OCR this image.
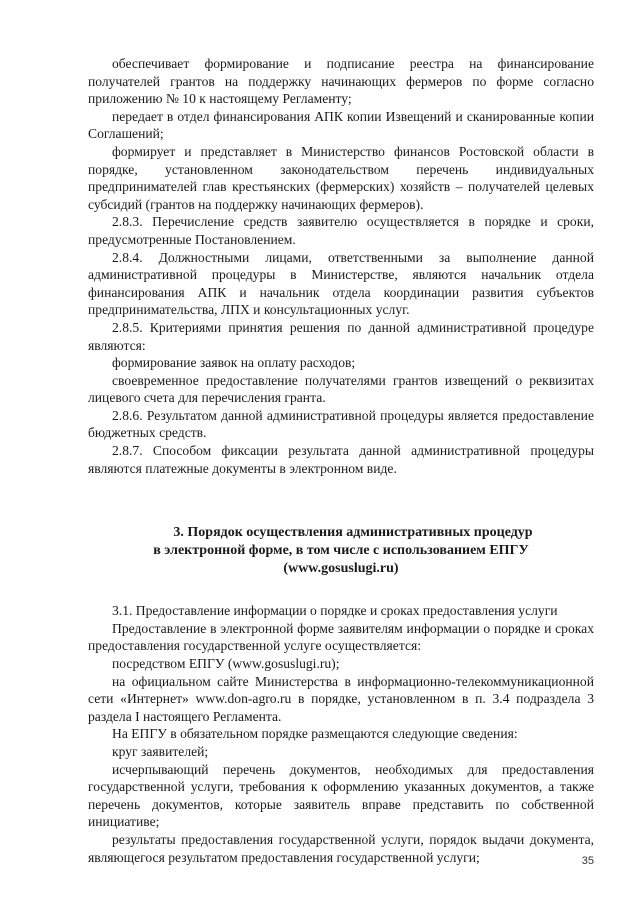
обеспечивает формирование и подписание реестра на финансирование получателей грантов на поддержку начинающих фермеров по форме согласно приложению № 10 к настоящему Регламенту;

передает в отдел финансирования АПК копии Извещений и сканированные копии Соглашений;

формирует и представляет в Министерство финансов Ростовской области в порядке, установленном законодательством перечень индивидуальных предпринимателей глав крестьянских (фермерских) хозяйств – получателей целевых субсидий (грантов на поддержку начинающих фермеров).

2.8.3. Перечисление средств заявителю осуществляется в порядке и сроки, предусмотренные Постановлением.

2.8.4. Должностными лицами, ответственными за выполнение данной административной процедуры в Министерстве, являются начальник отдела финансирования АПК и начальник отдела координации развития субъектов предпринимательства, ЛПХ и консультационных услуг.

2.8.5. Критериями принятия решения по данной административной процедуре являются:

формирование заявок на оплату расходов;

своевременное предоставление получателями грантов извещений о реквизитах лицевого счета для перечисления гранта.

2.8.6. Результатом данной административной процедуры является предоставление бюджетных средств.

2.8.7. Способом фиксации результата данной административной процедуры являются платежные документы в электронном виде.

3. Порядок осуществления административных процедур
в электронной форме, в том числе с использованием ЕПГУ
(www.gosuslugi.ru)

3.1. Предоставление информации о порядке и сроках предоставления услуги

Предоставление в электронной форме заявителям информации о порядке и сроках предоставления государственной услуге осуществляется:

посредством ЕПГУ (www.gosuslugi.ru);

на официальном сайте Министерства в информационно-телекоммуникационной сети «Интернет» www.don-agro.ru в порядке, установленном в п. 3.4 подраздела 3 раздела I настоящего Регламента.

На ЕПГУ в обязательном порядке размещаются следующие сведения:

круг заявителей;

исчерпывающий перечень документов, необходимых для предоставления государственной услуги, требования к оформлению указанных документов, а также перечень документов, которые заявитель вправе представить по собственной инициативе;

результаты предоставления государственной услуги, порядок выдачи документа, являющегося результатом предоставления государственной услуги;	35
